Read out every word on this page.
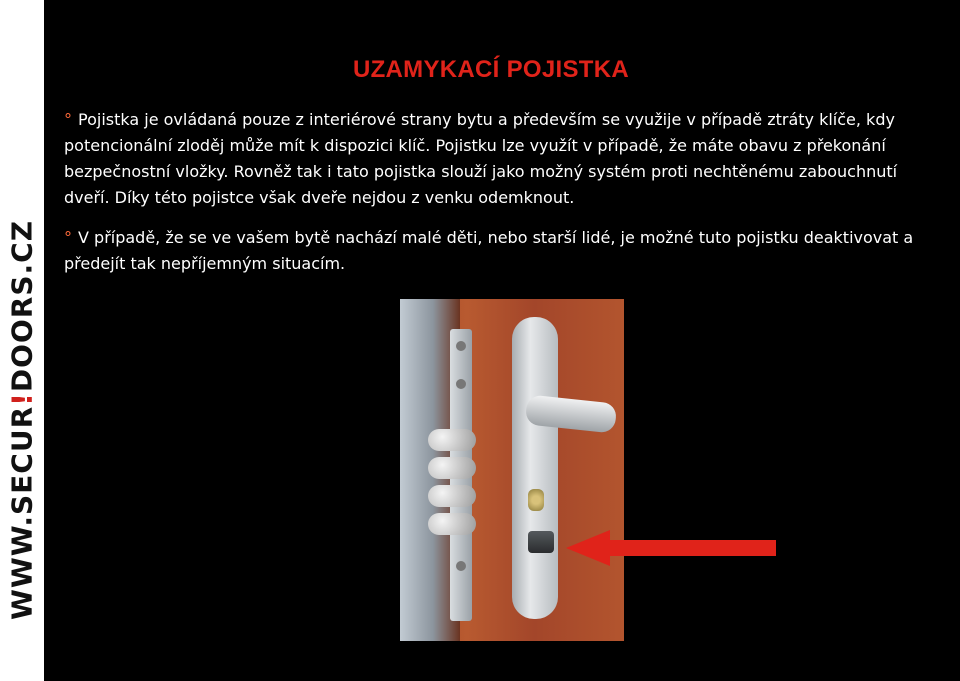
WWW.SECUR!DOORS.CZ
UZAMYKACÍ POJISTKA
° Pojistka je ovládaná pouze z interiérové strany bytu a především se využije v případě ztráty klíče, kdy potencionální zloděj může mít k dispozici klíč. Pojistku lze využít v případě, že máte obavu z překonání bezpečnostní vložky. Rovněž tak i tato pojistka slouží jako možný systém proti nechtěnému zabouchnutí dveří. Díky této pojistce však dveře nejdou z venku odemknout.
° V případě, že se ve vašem bytě nachází malé děti, nebo starší lidé, je možné tuto pojistku deaktivovat a předejít tak nepříjemným situacím.
